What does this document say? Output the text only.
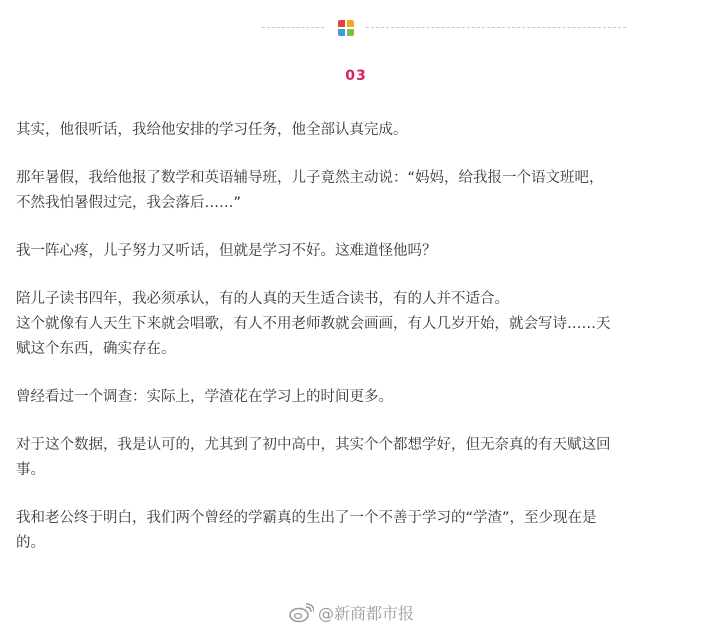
03

其实，他很听话，我给他安排的学习任务，他全部认真完成。

那年暑假，我给他报了数学和英语辅导班，儿子竟然主动说：“妈妈，给我报一个语文班吧，
不然我怕暑假过完，我会落后……”

我一阵心疼，儿子努力又听话，但就是学习不好。这难道怪他吗？

陪儿子读书四年，我必须承认，有的人真的天生适合读书，有的人并不适合。
这个就像有人天生下来就会唱歌，有人不用老师教就会画画，有人几岁开始，就会写诗……天
赋这个东西，确实存在。

曾经看过一个调查：实际上，学渣花在学习上的时间更多。

对于这个数据，我是认可的，尤其到了初中高中，其实个个都想学好，但无奈真的有天赋这回
事。

我和老公终于明白，我们两个曾经的学霸真的生出了一个不善于学习的“学渣”，至少现在是
的。

@新商都市报
